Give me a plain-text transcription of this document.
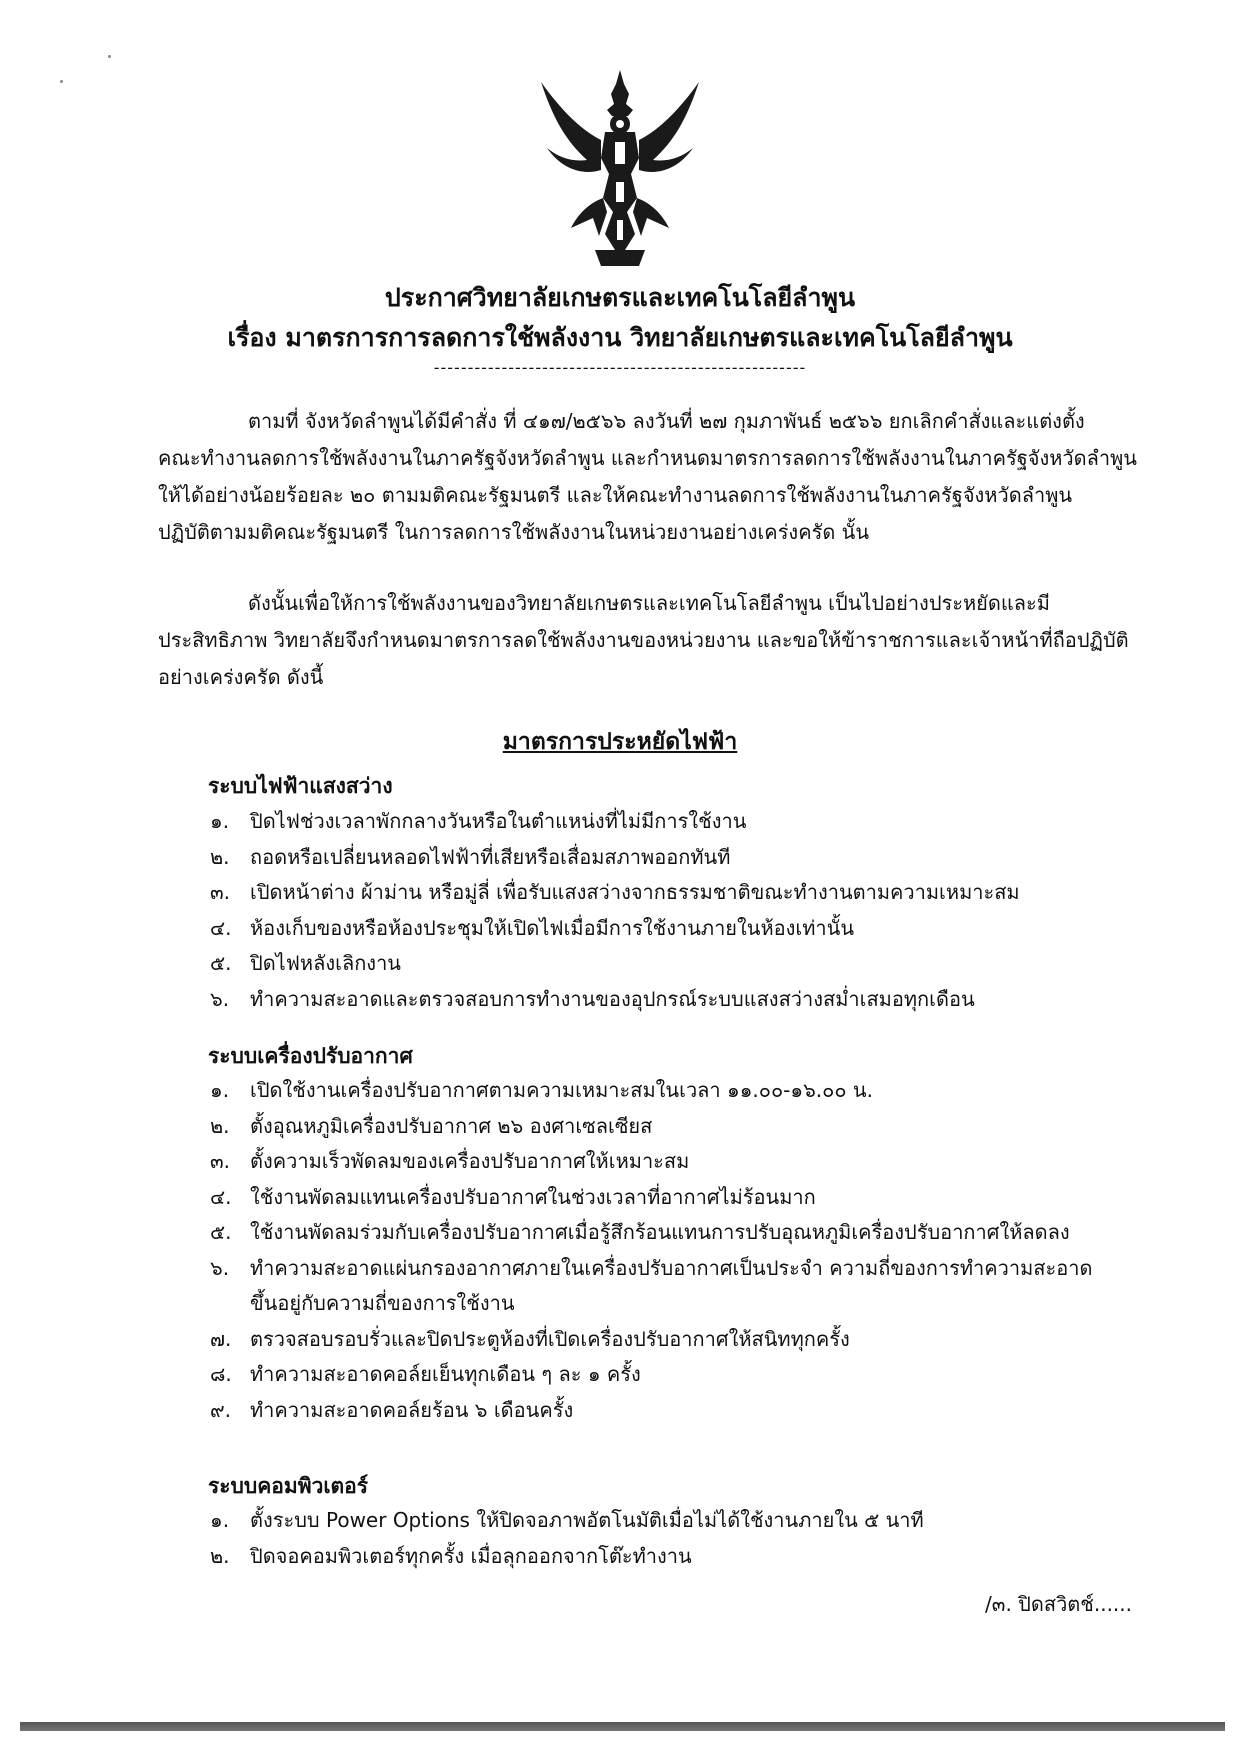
ประกาศวิทยาลัยเกษตรและเทคโนโลยีลำพูน
เรื่อง มาตรการการลดการใช้พลังงาน วิทยาลัยเกษตรและเทคโนโลยีลำพูน
-------------------------------------------------------
ตามที่ จังหวัดลำพูนได้มีคำสั่ง ที่ ๔๑๗/๒๕๖๖ ลงวันที่ ๒๗ กุมภาพันธ์ ๒๕๖๖ ยกเลิกคำสั่งและแต่งตั้ง
คณะทำงานลดการใช้พลังงานในภาครัฐจังหวัดลำพูน และกำหนดมาตรการลดการใช้พลังงานในภาครัฐจังหวัดลำพูน
ให้ได้อย่างน้อยร้อยละ ๒๐ ตามมติคณะรัฐมนตรี และให้คณะทำงานลดการใช้พลังงานในภาครัฐจังหวัดลำพูน
ปฏิบัติตามมติคณะรัฐมนตรี ในการลดการใช้พลังงานในหน่วยงานอย่างเคร่งครัด นั้น
ดังนั้นเพื่อให้การใช้พลังงานของวิทยาลัยเกษตรและเทคโนโลยีลำพูน เป็นไปอย่างประหยัดและมี
ประสิทธิภาพ วิทยาลัยจึงกำหนดมาตรการลดใช้พลังงานของหน่วยงาน และขอให้ข้าราชการและเจ้าหน้าที่ถือปฏิบัติ
อย่างเคร่งครัด ดังนี้
มาตรการประหยัดไฟฟ้า
ระบบไฟฟ้าแสงสว่าง
๑. ปิดไฟช่วงเวลาพักกลางวันหรือในตำแหน่งที่ไม่มีการใช้งาน
๒. ถอดหรือเปลี่ยนหลอดไฟฟ้าที่เสียหรือเสื่อมสภาพออกทันที
๓. เปิดหน้าต่าง ผ้าม่าน หรือมู่ลี่ เพื่อรับแสงสว่างจากธรรมชาติขณะทำงานตามความเหมาะสม
๔. ห้องเก็บของหรือห้องประชุมให้เปิดไฟเมื่อมีการใช้งานภายในห้องเท่านั้น
๕. ปิดไฟหลังเลิกงาน
๖. ทำความสะอาดและตรวจสอบการทำงานของอุปกรณ์ระบบแสงสว่างสม่ำเสมอทุกเดือน
ระบบเครื่องปรับอากาศ
๑. เปิดใช้งานเครื่องปรับอากาศตามความเหมาะสมในเวลา ๑๑.๐๐-๑๖.๐๐ น.
๒. ตั้งอุณหภูมิเครื่องปรับอากาศ ๒๖ องศาเซลเซียส
๓. ตั้งความเร็วพัดลมของเครื่องปรับอากาศให้เหมาะสม
๔. ใช้งานพัดลมแทนเครื่องปรับอากาศในช่วงเวลาที่อากาศไม่ร้อนมาก
๕. ใช้งานพัดลมร่วมกับเครื่องปรับอากาศเมื่อรู้สึกร้อนแทนการปรับอุณหภูมิเครื่องปรับอากาศให้ลดลง
๖. ทำความสะอาดแผ่นกรองอากาศภายในเครื่องปรับอากาศเป็นประจำ ความถี่ของการทำความสะอาด
ขึ้นอยู่กับความถี่ของการใช้งาน
๗. ตรวจสอบรอบรั่วและปิดประตูห้องที่เปิดเครื่องปรับอากาศให้สนิททุกครั้ง
๘. ทำความสะอาดคอล์ยเย็นทุกเดือน ๆ ละ ๑ ครั้ง
๙. ทำความสะอาดคอล์ยร้อน ๖ เดือนครั้ง
ระบบคอมพิวเตอร์
๑. ตั้งระบบ Power Options ให้ปิดจอภาพอัตโนมัติเมื่อไม่ได้ใช้งานภายใน ๕ นาที
๒. ปิดจอคอมพิวเตอร์ทุกครั้ง เมื่อลุกออกจากโต๊ะทำงาน
/๓. ปิดสวิตช์......
